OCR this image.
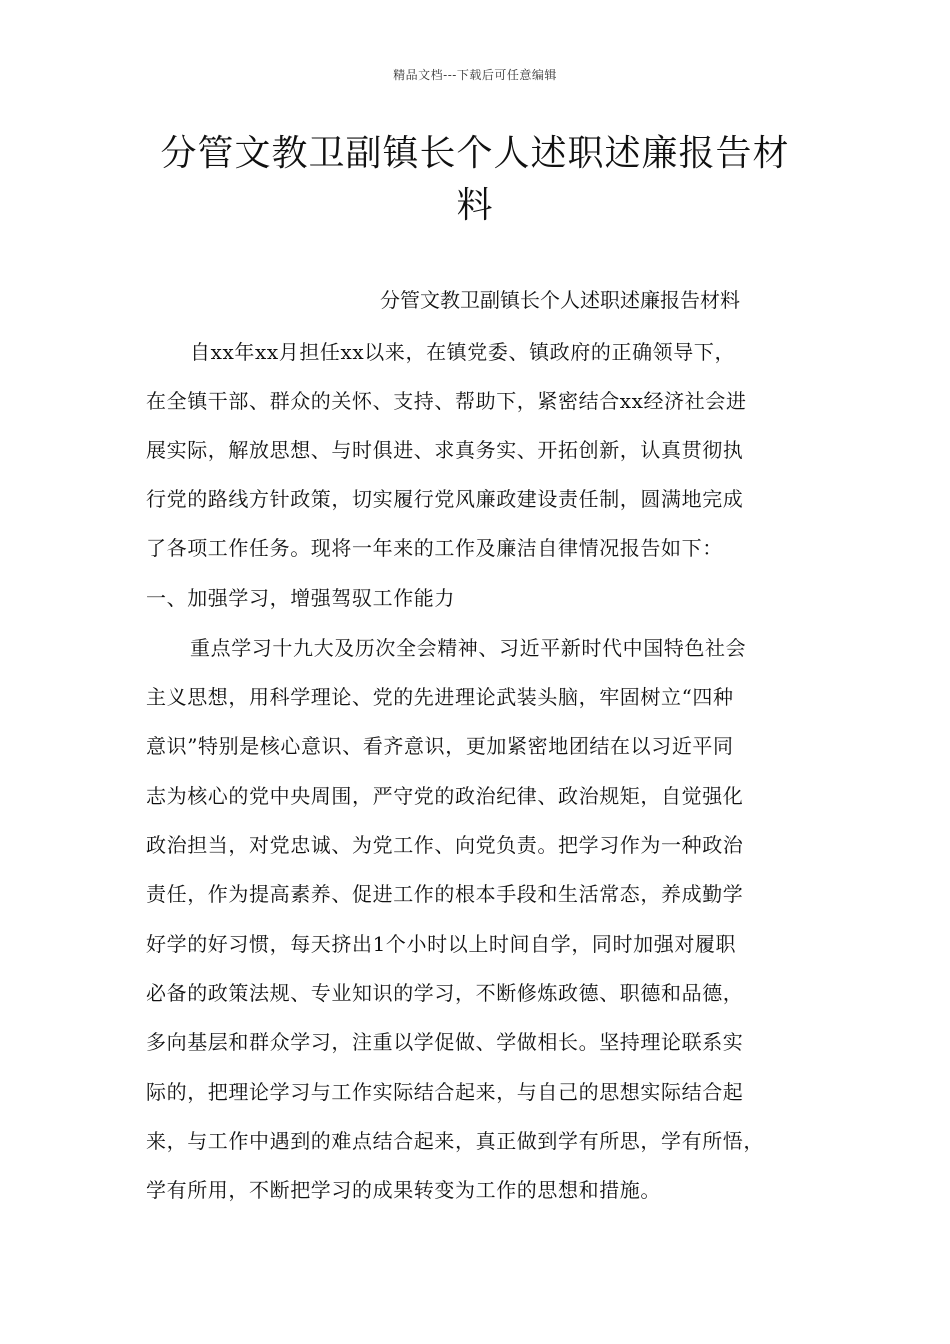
精品文档---下载后可任意编辑
分管文教卫副镇长个人述职述廉报告材
料
分管文教卫副镇长个人述职述廉报告材料
自xx年xx月担任xx以来，在镇党委、镇政府的正确领导下，
在全镇干部、群众的关怀、支持、帮助下，紧密结合xx经济社会进
展实际，解放思想、与时俱进、求真务实、开拓创新，认真贯彻执
行党的路线方针政策，切实履行党风廉政建设责任制，圆满地完成
了各项工作任务。现将一年来的工作及廉洁自律情况报告如下：
一、加强学习，增强驾驭工作能力
重点学习十九大及历次全会精神、习近平新时代中国特色社会
主义思想，用科学理论、党的先进理论武装头脑，牢固树立“四种
意识”特别是核心意识、看齐意识，更加紧密地团结在以习近平同
志为核心的党中央周围，严守党的政治纪律、政治规矩，自觉强化
政治担当，对党忠诚、为党工作、向党负责。把学习作为一种政治
责任，作为提高素养、促进工作的根本手段和生活常态，养成勤学
好学的好习惯，每天挤出1个小时以上时间自学，同时加强对履职
必备的政策法规、专业知识的学习，不断修炼政德、职德和品德，
多向基层和群众学习，注重以学促做、学做相长。坚持理论联系实
际的，把理论学习与工作实际结合起来，与自己的思想实际结合起
来，与工作中遇到的难点结合起来，真正做到学有所思，学有所悟，
学有所用，不断把学习的成果转变为工作的思想和措施。
